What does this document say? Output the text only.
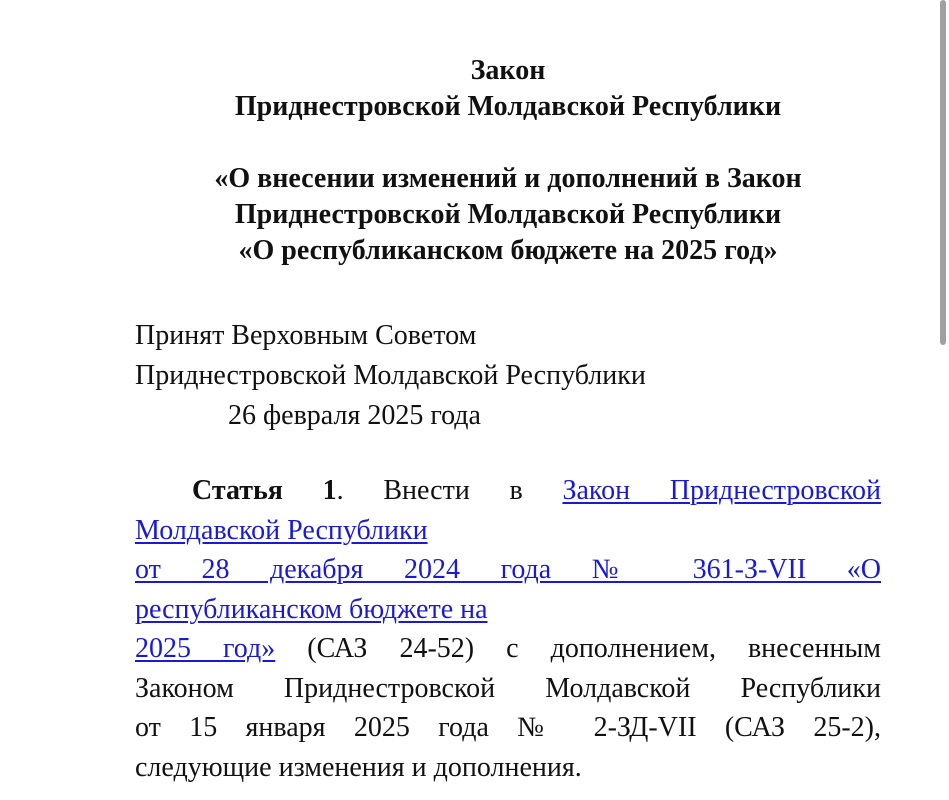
Закон
Приднестровской Молдавской Республики
«О внесении изменений и дополнений в Закон
Приднестровской Молдавской Республики
«О республиканском бюджете на 2025 год»

Принят Верховным Советом
Приднестровской Молдавской Республики
26 февраля 2025 года

Статья 1. Внести в Закон Приднестровской
Молдавской Республики
от 28 декабря 2024 года № 361-З-VII «О
республиканском бюджете на
2025 год» (САЗ 24-52) с дополнением, внесенным
Законом Приднестровской Молдавской Республики
от 15 января 2025 года № 2-ЗД-VII (САЗ 25-2),
следующие изменения и дополнения.
